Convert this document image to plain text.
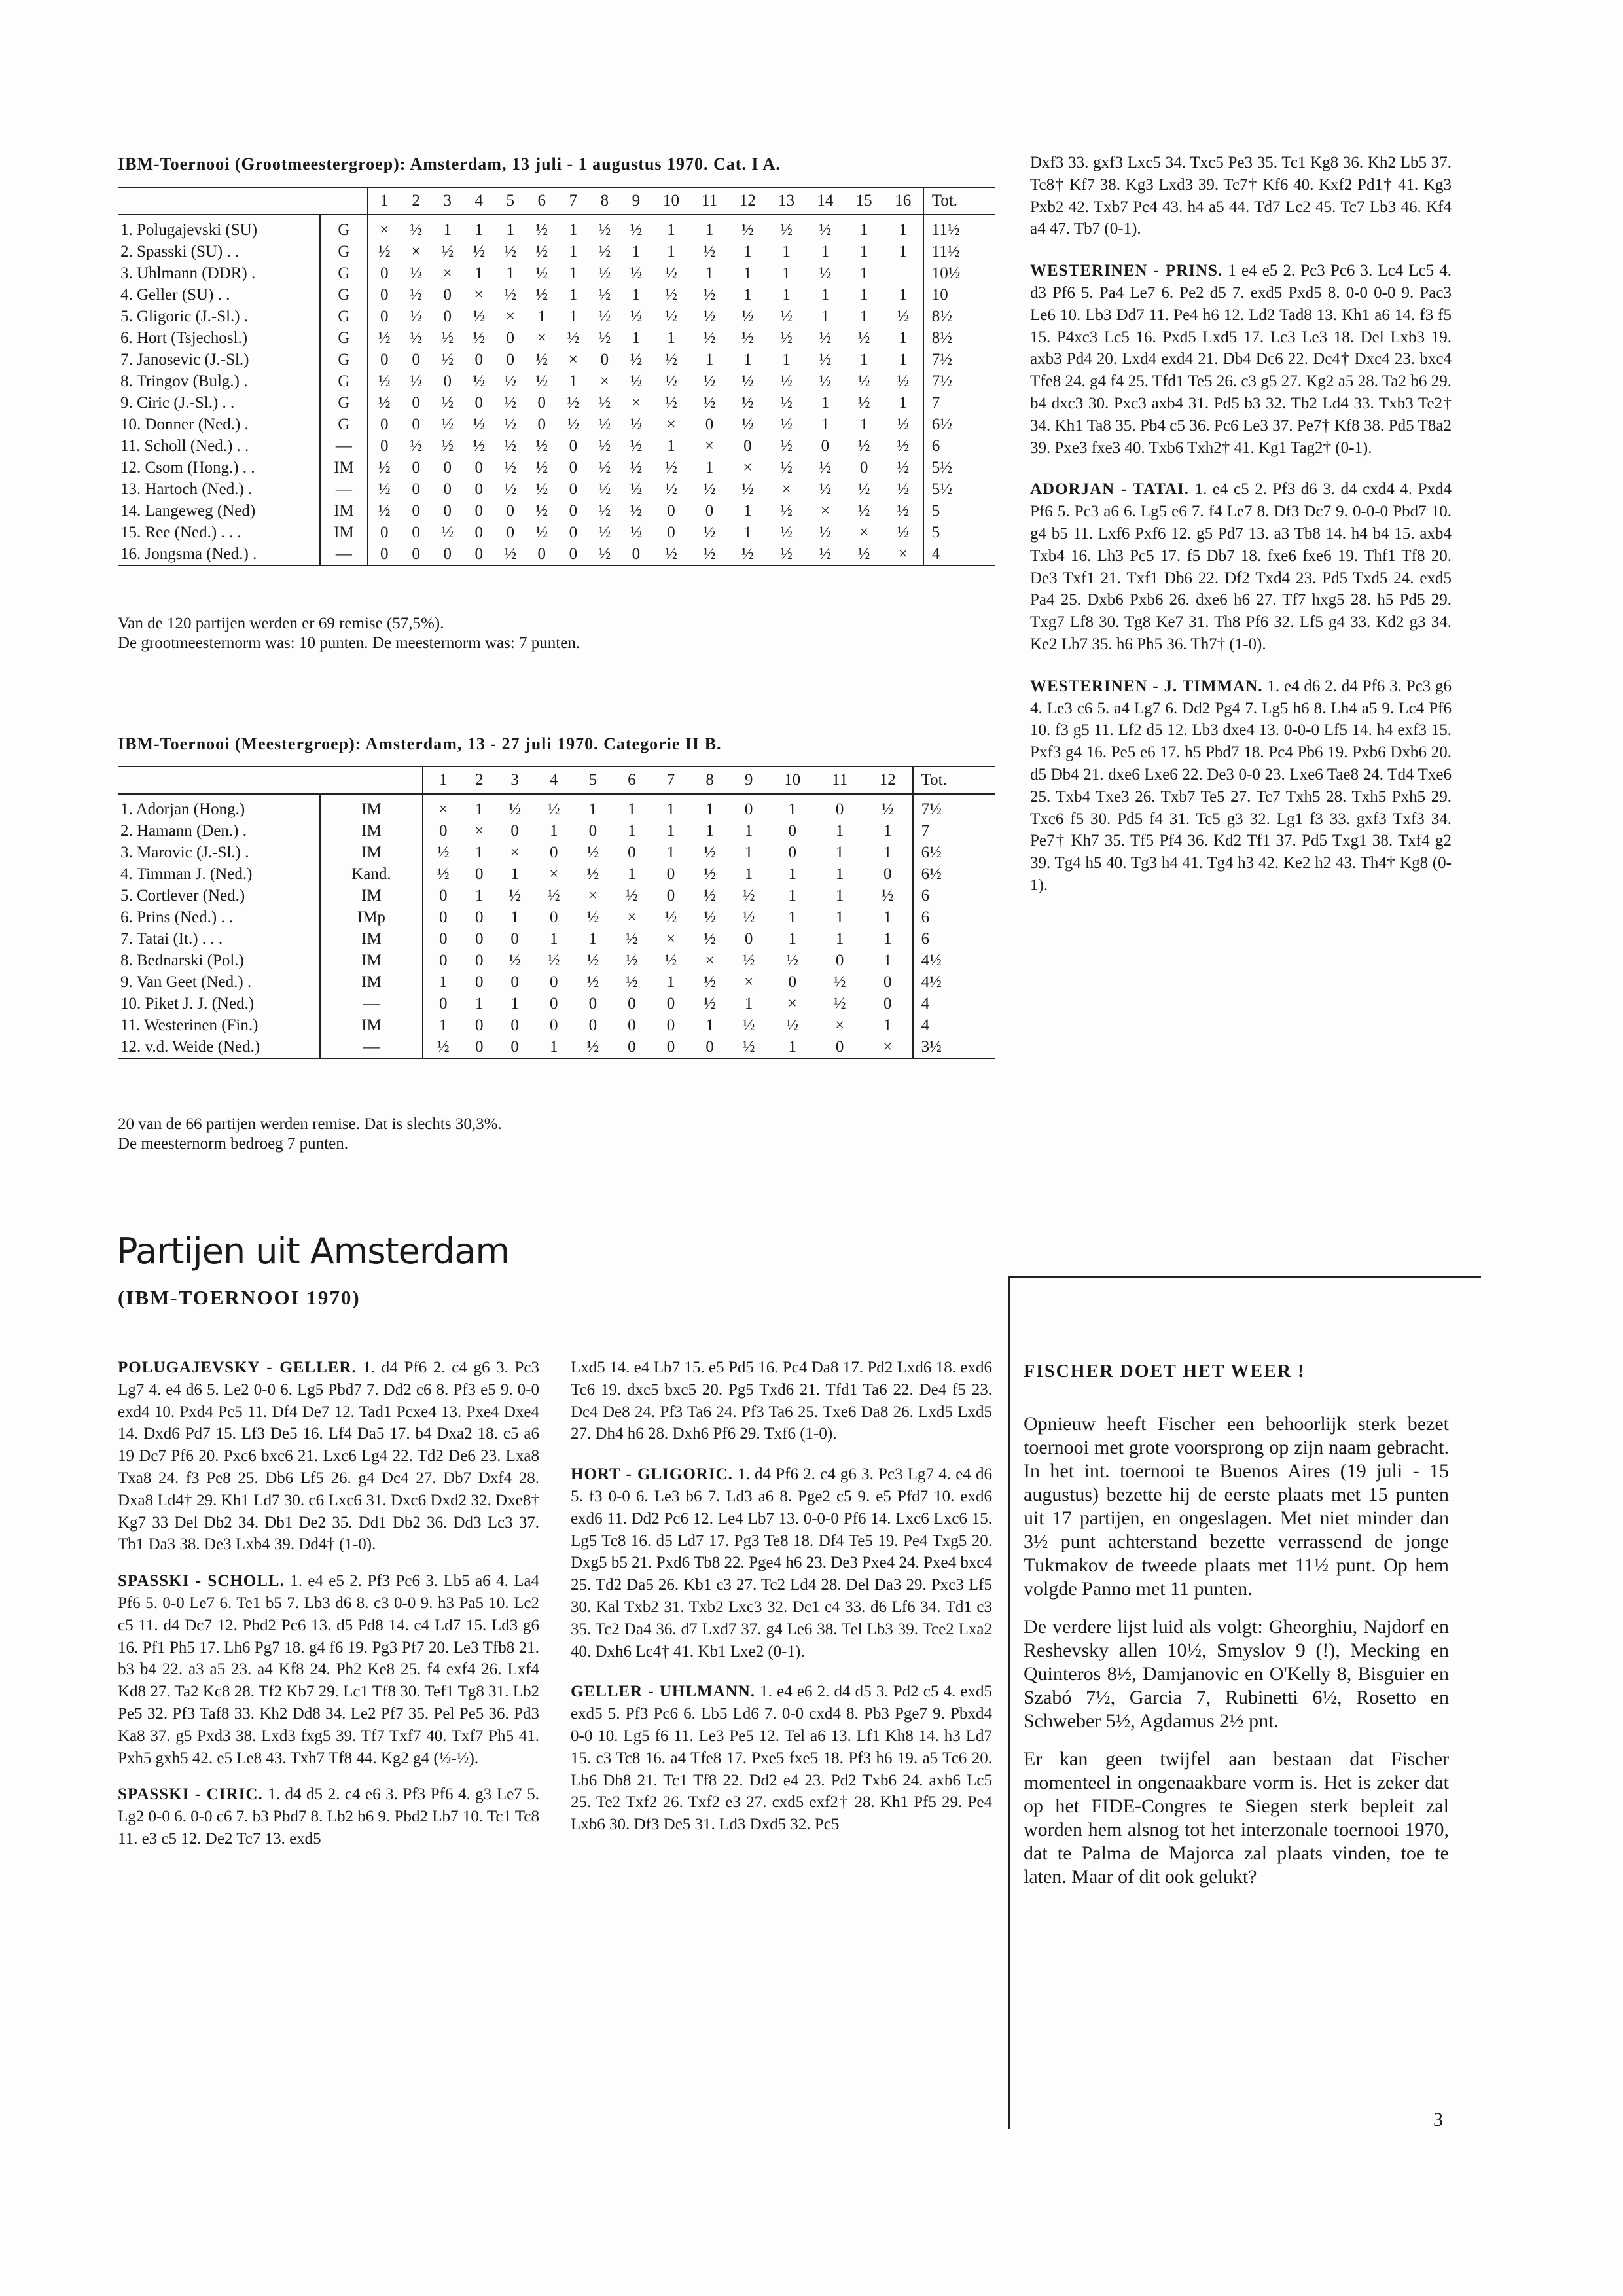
IBM-Toernooi (Grootmeestergroep): Amsterdam, 13 juli - 1 augustus 1970. Cat. I A.
		1	2	3	4	5	6	7	8	9	10	11	12	13	14	15	16	Tot.
1. Polugajevski (SU)	G	×	½	1	1	1	½	1	½	½	1	1	½	½	½	1	1	11½
2. Spasski (SU) . .	G	½	×	½	½	½	½	1	½	1	1	½	1	1	1	1	1	11½
3. Uhlmann (DDR) .	G	0	½	×	1	1	½	1	½	½	½	1	1	1	½	1		10½
4. Geller (SU) . .	G	0	½	0	×	½	½	1	½	1	½	½	1	1	1	1	1	10
5. Gligoric (J.-Sl.) .	G	0	½	0	½	×	1	1	½	½	½	½	½	½	1	1	½	8½
6. Hort (Tsjechosl.)	G	½	½	½	½	0	×	½	½	1	1	½	½	½	½	½	1	8½
7. Janosevic (J.-Sl.)	G	0	0	½	0	0	½	×	0	½	½	1	1	1	½	1	1	7½
8. Tringov (Bulg.) .	G	½	½	0	½	½	½	1	×	½	½	½	½	½	½	½	½	7½
9. Ciric (J.-Sl.) . .	G	½	0	½	0	½	0	½	½	×	½	½	½	½	1	½	1	7
10. Donner (Ned.) .	G	0	0	½	½	½	0	½	½	½	×	0	½	½	1	1	½	6½
11. Scholl (Ned.) . .	—	0	½	½	½	½	½	0	½	½	1	×	0	½	0	½	½	6
12. Csom (Hong.) . .	IM	½	0	0	0	½	½	0	½	½	½	1	×	½	½	0	½	5½
13. Hartoch (Ned.) .	—	½	0	0	0	½	½	0	½	½	½	½	½	×	½	½	½	5½
14. Langeweg (Ned)	IM	½	0	0	0	0	½	0	½	½	0	0	1	½	×	½	½	5
15. Ree (Ned.) . . .	IM	0	0	½	0	0	½	0	½	½	0	½	1	½	½	×	½	5
16. Jongsma (Ned.) .	—	0	0	0	0	½	0	0	½	0	½	½	½	½	½	½	×	4
Van de 120 partijen werden er 69 remise (57,5%).
De grootmeesternorm was: 10 punten. De meesternorm was: 7 punten.
IBM-Toernooi (Meestergroep): Amsterdam, 13 - 27 juli 1970. Categorie II B.
		1	2	3	4	5	6	7	8	9	10	11	12	Tot.
1. Adorjan (Hong.)	IM	×	1	½	½	1	1	1	1	0	1	0	½	7½
2. Hamann (Den.) .	IM	0	×	0	1	0	1	1	1	1	0	1	1	7
3. Marovic (J.-Sl.) .	IM	½	1	×	0	½	0	1	½	1	0	1	1	6½
4. Timman J. (Ned.)	Kand.	½	0	1	×	½	1	0	½	1	1	1	0	6½
5. Cortlever (Ned.)	IM	0	1	½	½	×	½	0	½	½	1	1	½	6
6. Prins (Ned.) . .	IMp	0	0	1	0	½	×	½	½	½	1	1	1	6
7. Tatai (It.) . . .	IM	0	0	0	1	1	½	×	½	0	1	1	1	6
8. Bednarski (Pol.)	IM	0	0	½	½	½	½	½	×	½	½	0	1	4½
9. Van Geet (Ned.) .	IM	1	0	0	0	½	½	1	½	×	0	½	0	4½
10. Piket J. J. (Ned.)	—	0	1	1	0	0	0	0	½	1	×	½	0	4
11. Westerinen (Fin.)	IM	1	0	0	0	0	0	0	1	½	½	×	1	4
12. v.d. Weide (Ned.)	—	½	0	0	1	½	0	0	0	½	1	0	×	3½
20 van de 66 partijen werden remise. Dat is slechts 30,3%.
De meesternorm bedroeg 7 punten.
Partijen uit Amsterdam
(IBM-TOERNOOI 1970)
POLUGAJEVSKY - GELLER. 1. d4 Pf6 2. c4 g6 3. Pc3 Lg7 4. e4 d6 5. Le2 0-0 6. Lg5 Pbd7 7. Dd2 c6 8. Pf3 e5 9. 0-0 exd4 10. Pxd4 Pc5 11. Df4 De7 12. Tad1 Pcxe4 13. Pxe4 Dxe4 14. Dxd6 Pd7 15. Lf3 De5 16. Lf4 Da5 17. b4 Dxa2 18. c5 a6 19 Dc7 Pf6 20. Pxc6 bxc6 21. Lxc6 Lg4 22. Td2 De6 23. Lxa8 Txa8 24. f3 Pe8 25. Db6 Lf5 26. g4 Dc4 27. Db7 Dxf4 28. Dxa8 Ld4† 29. Kh1 Ld7 30. c6 Lxc6 31. Dxc6 Dxd2 32. Dxe8† Kg7 33 Del Db2 34. Db1 De2 35. Dd1 Db2 36. Dd3 Lc3 37. Tb1 Da3 38. De3 Lxb4 39. Dd4† (1-0).
SPASSKI - SCHOLL. 1. e4 e5 2. Pf3 Pc6 3. Lb5 a6 4. La4 Pf6 5. 0-0 Le7 6. Te1 b5 7. Lb3 d6 8. c3 0-0 9. h3 Pa5 10. Lc2 c5 11. d4 Dc7 12. Pbd2 Pc6 13. d5 Pd8 14. c4 Ld7 15. Ld3 g6 16. Pf1 Ph5 17. Lh6 Pg7 18. g4 f6 19. Pg3 Pf7 20. Le3 Tfb8 21. b3 b4 22. a3 a5 23. a4 Kf8 24. Ph2 Ke8 25. f4 exf4 26. Lxf4 Kd8 27. Ta2 Kc8 28. Tf2 Kb7 29. Lc1 Tf8 30. Tef1 Tg8 31. Lb2 Pe5 32. Pf3 Taf8 33. Kh2 Dd8 34. Le2 Pf7 35. Pel Pe5 36. Pd3 Ka8 37. g5 Pxd3 38. Lxd3 fxg5 39. Tf7 Txf7 40. Txf7 Ph5 41. Pxh5 gxh5 42. e5 Le8 43. Txh7 Tf8 44. Kg2 g4 (½-½).
SPASSKI - CIRIC. 1. d4 d5 2. c4 e6 3. Pf3 Pf6 4. g3 Le7 5. Lg2 0-0 6. 0-0 c6 7. b3 Pbd7 8. Lb2 b6 9. Pbd2 Lb7 10. Tc1 Tc8 11. e3 c5 12. De2 Tc7 13. exd5
Lxd5 14. e4 Lb7 15. e5 Pd5 16. Pc4 Da8 17. Pd2 Lxd6 18. exd6 Tc6 19. dxc5 bxc5 20. Pg5 Txd6 21. Tfd1 Ta6 22. De4 f5 23. Dc4 De8 24. Pf3 Ta6 24. Pf3 Ta6 25. Txe6 Da8 26. Lxd5 Lxd5 27. Dh4 h6 28. Dxh6 Pf6 29. Txf6 (1-0).
HORT - GLIGORIC. 1. d4 Pf6 2. c4 g6 3. Pc3 Lg7 4. e4 d6 5. f3 0-0 6. Le3 b6 7. Ld3 a6 8. Pge2 c5 9. e5 Pfd7 10. exd6 exd6 11. Dd2 Pc6 12. Le4 Lb7 13. 0-0-0 Pf6 14. Lxc6 Lxc6 15. Lg5 Tc8 16. d5 Ld7 17. Pg3 Te8 18. Df4 Te5 19. Pe4 Txg5 20. Dxg5 b5 21. Pxd6 Tb8 22. Pge4 h6 23. De3 Pxe4 24. Pxe4 bxc4 25. Td2 Da5 26. Kb1 c3 27. Tc2 Ld4 28. Del Da3 29. Pxc3 Lf5 30. Kal Txb2 31. Txb2 Lxc3 32. Dc1 c4 33. d6 Lf6 34. Td1 c3 35. Tc2 Da4 36. d7 Lxd7 37. g4 Le6 38. Tel Lb3 39. Tce2 Lxa2 40. Dxh6 Lc4† 41. Kb1 Lxe2 (0-1).
GELLER - UHLMANN. 1. e4 e6 2. d4 d5 3. Pd2 c5 4. exd5 exd5 5. Pf3 Pc6 6. Lb5 Ld6 7. 0-0 cxd4 8. Pb3 Pge7 9. Pbxd4 0-0 10. Lg5 f6 11. Le3 Pe5 12. Tel a6 13. Lf1 Kh8 14. h3 Ld7 15. c3 Tc8 16. a4 Tfe8 17. Pxe5 fxe5 18. Pf3 h6 19. a5 Tc6 20. Lb6 Db8 21. Tc1 Tf8 22. Dd2 e4 23. Pd2 Txb6 24. axb6 Lc5 25. Te2 Txf2 26. Txf2 e3 27. cxd5 exf2† 28. Kh1 Pf5 29. Pe4 Lxb6 30. Df3 De5 31. Ld3 Dxd5 32. Pc5
Dxf3 33. gxf3 Lxc5 34. Txc5 Pe3 35. Tc1 Kg8 36. Kh2 Lb5 37. Tc8† Kf7 38. Kg3 Lxd3 39. Tc7† Kf6 40. Kxf2 Pd1† 41. Kg3 Pxb2 42. Txb7 Pc4 43. h4 a5 44. Td7 Lc2 45. Tc7 Lb3 46. Kf4 a4 47. Tb7 (0-1).
WESTERINEN - PRINS. 1 e4 e5 2. Pc3 Pc6 3. Lc4 Lc5 4. d3 Pf6 5. Pa4 Le7 6. Pe2 d5 7. exd5 Pxd5 8. 0-0 0-0 9. Pac3 Le6 10. Lb3 Dd7 11. Pe4 h6 12. Ld2 Tad8 13. Kh1 a6 14. f3 f5 15. P4xc3 Lc5 16. Pxd5 Lxd5 17. Lc3 Le3 18. Del Lxb3 19. axb3 Pd4 20. Lxd4 exd4 21. Db4 Dc6 22. Dc4† Dxc4 23. bxc4 Tfe8 24. g4 f4 25. Tfd1 Te5 26. c3 g5 27. Kg2 a5 28. Ta2 b6 29. b4 dxc3 30. Pxc3 axb4 31. Pd5 b3 32. Tb2 Ld4 33. Txb3 Te2† 34. Kh1 Ta8 35. Pb4 c5 36. Pc6 Le3 37. Pe7† Kf8 38. Pd5 T8a2 39. Pxe3 fxe3 40. Txb6 Txh2† 41. Kg1 Tag2† (0-1).
ADORJAN - TATAI. 1. e4 c5 2. Pf3 d6 3. d4 cxd4 4. Pxd4 Pf6 5. Pc3 a6 6. Lg5 e6 7. f4 Le7 8. Df3 Dc7 9. 0-0-0 Pbd7 10. g4 b5 11. Lxf6 Pxf6 12. g5 Pd7 13. a3 Tb8 14. h4 b4 15. axb4 Txb4 16. Lh3 Pc5 17. f5 Db7 18. fxe6 fxe6 19. Thf1 Tf8 20. De3 Txf1 21. Txf1 Db6 22. Df2 Txd4 23. Pd5 Txd5 24. exd5 Pa4 25. Dxb6 Pxb6 26. dxe6 h6 27. Tf7 hxg5 28. h5 Pd5 29. Txg7 Lf8 30. Tg8 Ke7 31. Th8 Pf6 32. Lf5 g4 33. Kd2 g3 34. Ke2 Lb7 35. h6 Ph5 36. Th7† (1-0).
WESTERINEN - J. TIMMAN. 1. e4 d6 2. d4 Pf6 3. Pc3 g6 4. Le3 c6 5. a4 Lg7 6. Dd2 Pg4 7. Lg5 h6 8. Lh4 a5 9. Lc4 Pf6 10. f3 g5 11. Lf2 d5 12. Lb3 dxe4 13. 0-0-0 Lf5 14. h4 exf3 15. Pxf3 g4 16. Pe5 e6 17. h5 Pbd7 18. Pc4 Pb6 19. Pxb6 Dxb6 20. d5 Db4 21. dxe6 Lxe6 22. De3 0-0 23. Lxe6 Tae8 24. Td4 Txe6 25. Txb4 Txe3 26. Txb7 Te5 27. Tc7 Txh5 28. Txh5 Pxh5 29. Txc6 f5 30. Pd5 f4 31. Tc5 g3 32. Lg1 f3 33. gxf3 Txf3 34. Pe7† Kh7 35. Tf5 Pf4 36. Kd2 Tf1 37. Pd5 Txg1 38. Txf4 g2 39. Tg4 h5 40. Tg3 h4 41. Tg4 h3 42. Ke2 h2 43. Th4† Kg8 (0-1).
FISCHER DOET HET WEER !

Opnieuw heeft Fischer een behoorlijk sterk bezet toernooi met grote voorsprong op zijn naam gebracht. In het int. toernooi te Buenos Aires (19 juli - 15 augustus) bezette hij de eerste plaats met 15 punten uit 17 partijen, en ongeslagen. Met niet minder dan 3½ punt achterstand bezette verrassend de jonge Tukmakov de tweede plaats met 11½ punt. Op hem volgde Panno met 11 punten.

De verdere lijst luid als volgt: Gheorghiu, Najdorf en Reshevsky allen 10½, Smyslov 9 (!), Mecking en Quinteros 8½, Damjanovic en O'Kelly 8, Bisguier en Szabó 7½, Garcia 7, Rubinetti 6½, Rosetto en Schweber 5½, Agdamus 2½ pnt.

Er kan geen twijfel aan bestaan dat Fischer momenteel in ongenaakbare vorm is. Het is zeker dat op het FIDE-Congres te Siegen sterk bepleit zal worden hem alsnog tot het interzonale toernooi 1970, dat te Palma de Majorca zal plaats vinden, toe te laten. Maar of dit ook gelukt?

3
